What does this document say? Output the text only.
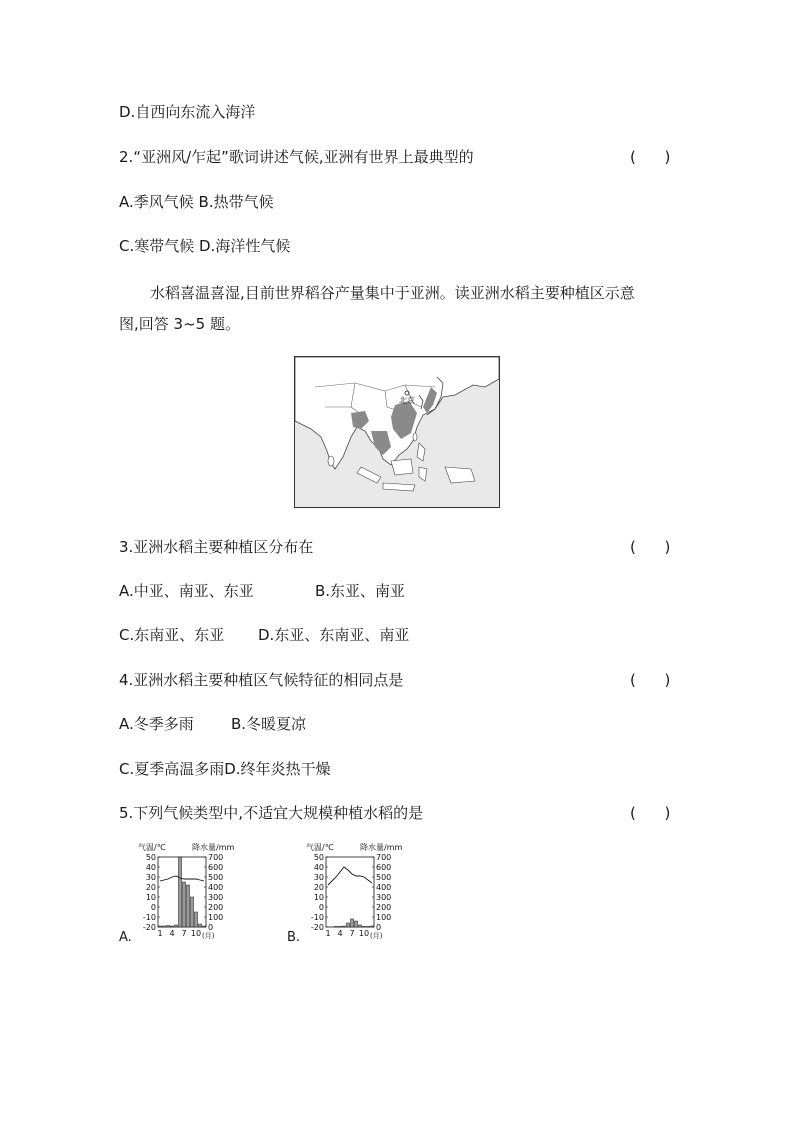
D.自西向东流入海洋
2.“亚洲风/乍起”歌词讲述气候,亚洲有世界上最典型的	(      )
A.季风气候 B.热带气候
C.寒带气候 D.海洋性气候
水稻喜温喜湿,目前世界稻谷产量集中于亚洲。读亚洲水稻主要种植区示意
图,回答 3~5 题。
北京
3.亚洲水稻主要种植区分布在	(      )
A.中亚、南亚、东亚	B.东亚、南亚
C.东南亚、东亚 D.东亚、东南亚、南亚
4.亚洲水稻主要种植区气候特征的相同点是	(      )
A.冬季多雨 B.冬暖夏凉
C.夏季高温多雨D.终年炎热干燥
5.下列气候类型中,不适宜大规模种植水稻的是	(      )
气温/℃	降水量/mm
50
40
30
20
10
0
-10
-20
700
600
500
400
300
200
100
0
1 4 7 10 (月)
A.
气温/℃	降水量/mm
50
40
30
20
10
0
-10
-20
700
600
500
400
300
200
100
0
1 4 7 10 (月)
B.
